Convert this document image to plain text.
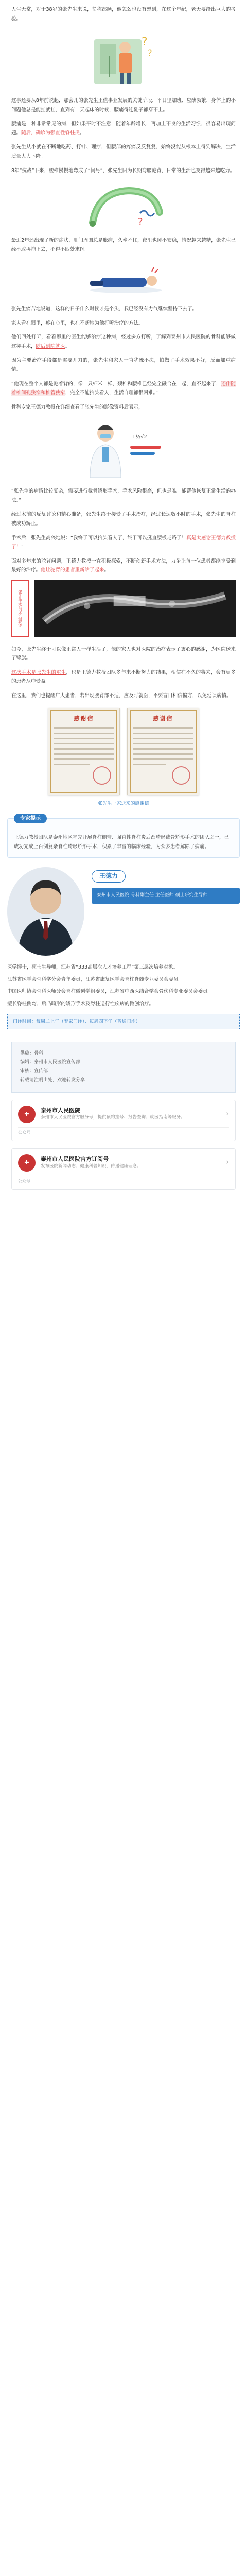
人生无常，对于38岁的张先生来说，简称都顺，他怎么也没有想到，在这个年纪，老天要给出巨大的考验。

?
?

这事还要从8年前说起，那会儿的张先生正值事业发展的关键阶段，平日里加班、应酬频繁，身体上的小问题他总是能扛就扛，直到有一天起床的时候，腰痛得连鞋子都穿不上。

腰痛是一种非常常见的病，但如果平时不注意，随着年龄增长，再加上不良的生活习惯，很容易出现问题。随后，确诊为强直性脊柱炎。

张先生从小就在不断地吃药、打针、理疗，但腰部的疼痛反反复复，始终没能从根本上得到解决，生活质量大大下降。

8年“抗战”下来，腰椎慢慢地弯成了“问号”，张先生因为长期弯腰驼背，日常的生活也变得越来越吃力。

?

最近2年还出现了新的症状，肛门周围总是胀痛，久坐不住，夜里也睡不安稳，情况越来越糟，张先生已经不敢再拖下去，不得不四处求医。

张先生痛苦地说道，这样的日子什么时候才是个头，我已经没有力气继续坚持下去了。

家人看在眼里，疼在心里，也在不断地为他打听治疗的方法。

他们四处打听，看看哪里的医生能够治疗这种病，经过多方打听，了解到泰州市人民医院的骨科能够做这种手术，随后到院就医。

因为主要治疗手段都是需要开刀的，张先生和家人一直犹豫不决，怕做了手术效果不好，反而加重病情。

“他现在整个人都是驼着背的，像一只虾米一样，颈椎和腰椎已经完全融合在一起，直不起来了，还伴随着椎间孔狭窄和椎管狭窄，完全不能抬头看人，生活自理都很困难。”

骨科专家王德力教授在详细查看了张先生的影像资料后表示，

1½√2

“张先生的病情比较复杂，需要进行截骨矫形手术，手术风险很高，但也是唯一能帮他恢复正常生活的办法。”

经过术前的反复讨论和精心准备，张先生终于接受了手术治疗，经过长达数小时的手术，张先生的脊柱被成功矫正。

手术后，张先生高兴地说：“我终于可以抬头看人了，终于可以挺直腰板走路了！真是太感谢王德力教授了！”

面对多年来的驼背问题，王德力教授一直积极探索，不断创新手术方法，力争让每一位患者都能享受到最好的治疗。他让驼背的患者重新站了起来。

张先生术前术后影像

如今，张先生终于可以像正常人一样生活了，他的家人也对医院的治疗表示了衷心的感谢，为医院送来了锦旗。

这次手术是张先生的重生，也是王德力教授团队多年来不断努力的结果，相信在不久的将来，会有更多的患者从中受益。

在这里，我们也提醒广大患者，若出现腰背部不适，应及时就医，不要盲目相信偏方，以免延误病情。

感谢信	感谢信
张先生一家送来的感谢信
专家提示

王德力教授团队是泰州地区率先开展脊柱侧弯、强直性脊柱炎后凸畸形截骨矫形手术的团队之一，已成功完成上百例复杂脊柱畸形矫形手术，积累了丰富的临床经验，为众多患者解除了病痛。

王德力
泰州市人民医院 骨科副主任 主任医师 硕士研究生导师

医学博士，硕士生导师，江苏省“333高层次人才培养工程”第三层次培养对象。

江苏省医学会骨科学分会青年委员，江苏省康复医学会脊柱脊髓专业委员会委员。

中国医师协会骨科医师分会脊柱微创学组委员，江苏省中西医结合学会骨伤科专业委员会委员。

擅长脊柱侧弯、后凸畸形的矫形手术及脊柱退行性疾病的微创治疗。

门诊时间：每周二上午（专家门诊）、每周四下午（普通门诊）
供稿：骨科
编辑：泰州市人民医院宣传部
审核：宣传部
转载请注明出处，欢迎转发分享
✚
泰州市人民医院
泰州市人民医院官方服务号，提供预约挂号、报告查询、就医指南等服务。	›
公众号
✚
泰州市人民医院官方订阅号
发布医院新闻动态、健康科普知识，传递健康理念。	›
公众号
